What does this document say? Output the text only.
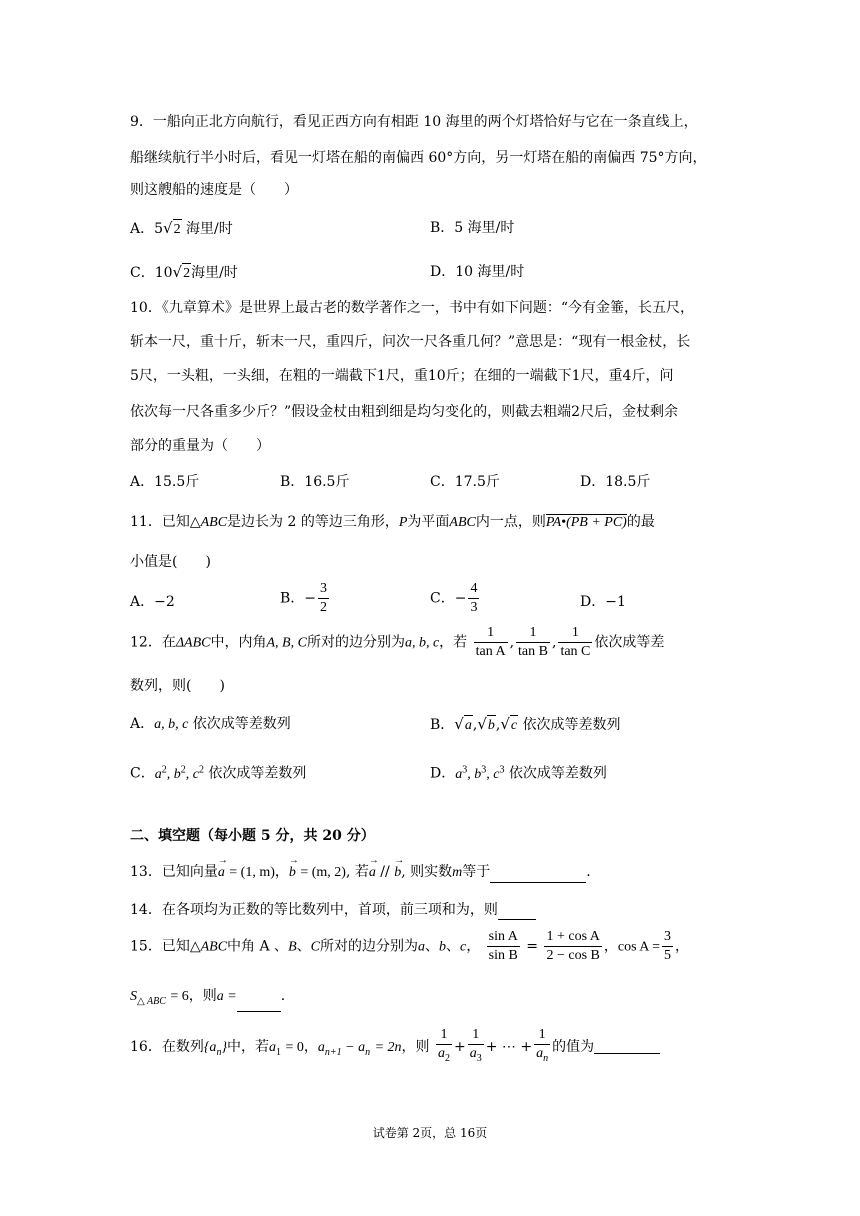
9．一船向正北方向航行，看见正西方向有相距 10 海里的两个灯塔恰好与它在一条直线上，
船继续航行半小时后，看见一灯塔在船的南偏西 60°方向，另一灯塔在船的南偏西 75°方向，
则这艘船的速度是（　　）
A．5√2 海里/时	B．5 海里/时
C．10√2海里/时	D．10 海里/时
10．《九章算术》是世界上最古老的数学著作之一，书中有如下问题：“今有金箠，长五尺，
斩本一尺，重十斤，斩末一尺，重四斤，问次一尺各重几何？”意思是：“现有一根金杖，长
5尺，一头粗，一头细，在粗的一端截下1尺，重10斤；在细的一端截下1尺，重4斤，问
依次每一尺各重多少斤？”假设金杖由粗到细是均匀变化的，则截去粗端2尺后，金杖剩余
部分的重量为（　　）
A．15.5斤	B．16.5斤	C．17.5斤	D．18.5斤
11．已知△ABC是边长为 2 的等边三角形，P为平面ABC内一点，则PA•(PB + PC)的最
小值是(　　)
A．−2	B．− $\frac{3}{2}$	C．− $\frac{4}{3}$	D．−1
12．在ΔABC中，内角A, B, C所对的边分别为a, b, c，若 $\frac{1}{\text{tan A}}$ , $\frac{1}{\text{tan B}}$ , $\frac{1}{\text{tan C}}$ 依次成等差
数列，则(　　)
A．a, b, c 依次成等差数列	B．√a,√b,√c 依次成等差数列
C．$a^2$, $b^2$, $c^2$ 依次成等差数列	D．$a^3$, $b^3$, $c^3$ 依次成等差数列
二、填空题（每小题 5 分，共 20 分）
13．已知向量→ a = (1, m)，→ b = (m, 2), 若→ a // → b, 则实数m等于	.
14．在各项均为正数的等比数列中，首项，前三项和为，则
15．已知△ABC中角 A 、B、C所对的边分别为a、b、c， $\frac{\text{sin A}}{\text{sin B}} = \frac{\text{1 + cos A}}{\text{2 − cos B}}$ ，$\cos A = \frac{3}{5}$ ，
$S_{\triangle ABC} = 6$，则a =	.
16．在数列$\{a_n\}$中，若$a_1 = 0$，$a_{n+1} - a_n = 2n$，则 $\frac{1}{a_2} + \frac{1}{a_3}$ + ⋯ + $\frac{1}{a_n}$ 的值为
试卷第 2页，总 16页
